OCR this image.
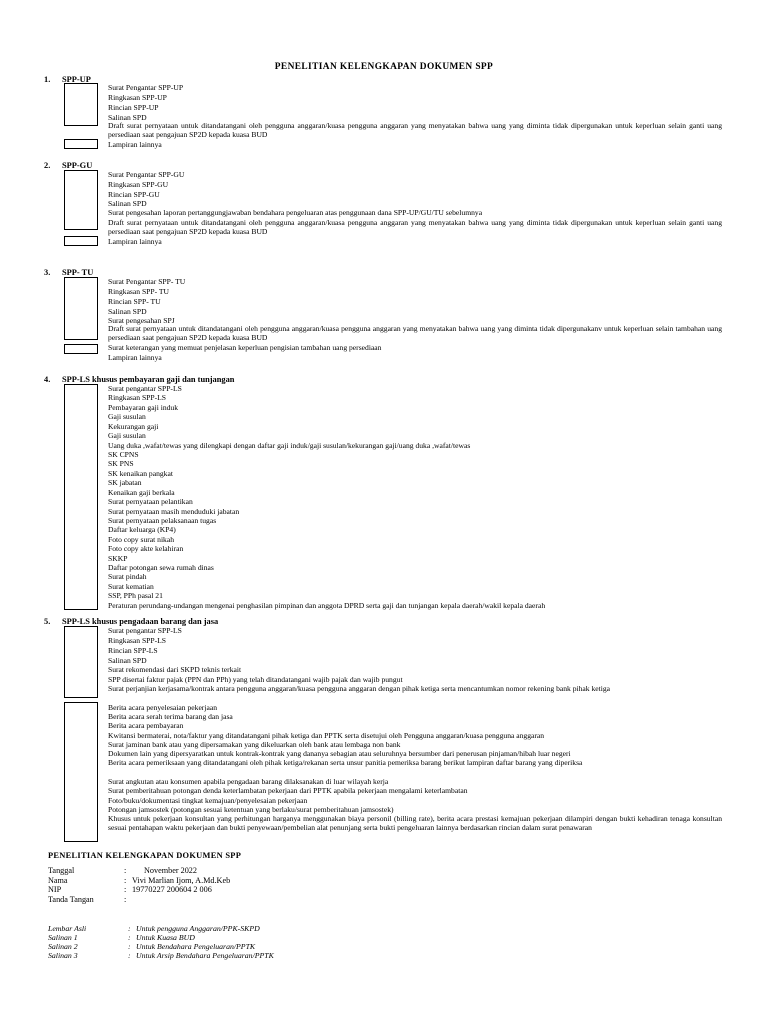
PENELITIAN KELENGKAPAN DOKUMEN SPP
1. SPP-UP
Surat Pengantar SPP-UP
Ringkasan SPP-UP
Rincian SPP-UP
Salinan SPD
Draft surat pernyataan untuk ditandatangani oleh pengguna anggaran/kuasa pengguna anggaran yang menyatakan bahwa uang yang diminta tidak dipergunakan untuk keperluan selain ganti uang persediaan saat pengajuan SP2D kepada kuasa BUD
Lampiran lainnya
2. SPP-GU
Surat Pengantar SPP-GU
Ringkasan SPP-GU
Rincian SPP-GU
Salinan SPD
Surat pengesahan laporan pertanggungjawaban bendahara pengeluaran atas penggunaan dana SPP-UP/GU/TU sebelumnya
Draft surat pernyataan untuk ditandatangani oleh pengguna anggaran/kuasa pengguna anggaran yang menyatakan bahwa uang yang diminta tidak dipergunakan untuk keperluan selain ganti uang persediaan saat pengajuan SP2D kepada kuasa BUD
Lampiran lainnya
3. SPP- TU
Surat Pengantar SPP- TU
Ringkasan SPP- TU
Rincian SPP- TU
Salinan SPD
Surat pengesahan SPJ
Draft surat pernyataan untuk ditandatangani oleh pengguna anggaran/kuasa pengguna anggaran yang menyatakan bahwa uang yang diminta tidak dipergunakanv untuk keperluan selain tambahan uang persediaan saat pengajuan SP2D kepada kuasa BUD
Surat keterangan yang memuat penjelasan keperluan pengisian tambahan uang persediaan
Lampiran lainnya
4. SPP-LS khusus pembayaran gaji dan tunjangan
Surat pengantar SPP-LS
Ringkasan SPP-LS
Pembayaran gaji induk
Gaji susulan
Kekurangan gaji
Gaji susulan
Uang duka ,wafat/tewas yang dilengkapi dengan daftar gaji induk/gaji susulan/kekurangan gaji/uang duka ,wafat/tewas
SK CPNS
SK PNS
SK kenaikan pangkat
SK jabatan
Kenaikan gaji berkala
Surat pernyataan pelantikan
Surat pernyataan masih menduduki jabatan
Surat pernyataan pelaksanaan tugas
Daftar keluarga (KP4)
Foto copy surat nikah
Foto copy akte kelahiran
SKKP
Daftar potongan sewa rumah dinas
Surat pindah
Surat kematian
SSP, PPh pasal 21
Peraturan perundang-undangan mengenai penghasilan pimpinan dan anggota DPRD serta gaji dan tunjangan kepala daerah/wakil kepala daerah
5. SPP-LS khusus pengadaan barang dan jasa
Surat pengantar SPP-LS
Ringkasan SPP-LS
Rincian SPP-LS
Salinan SPD
Surat rekomendasi dari SKPD teknis terkait
SPP disertai faktur pajak (PPN dan PPh) yang telah ditandatangani wajib pajak dan wajib pungut
Surat perjanjian kerjasama/kontrak antara pengguna anggaran/kuasa pengguna anggaran dengan pihak ketiga serta mencantumkan nomor rekening bank pihak ketiga
Berita acara penyelesaian pekerjaan
Berita acara serah terima barang dan jasa
Berita acara pembayaran
Kwitansi bermaterai, nota/faktur yang ditandatangani pihak ketiga dan PPTK serta disetujui oleh Pengguna anggaran/kuasa pengguna anggaran
Surat jaminan bank atau yang dipersamakan yang dikeluarkan oleh bank atau lembaga non bank
Dokumen lain yang dipersyaratkan untuk kontrak-kontrak yang dananya sebagian atau seluruhnya bersumber dari penerusan pinjaman/hibah luar negeri
Berita acara pemeriksaan yang ditandatangani oleh pihak ketiga/rekanan serta unsur panitia pemeriksa barang berikut lampiran daftar barang yang diperiksa
Surat angkutan atau konsumen apabila pengadaan barang dilaksanakan di luar wilayah kerja
Surat pemberitahuan potongan denda keterlambatan pekerjaan dari PPTK apabila pekerjaan mengalami keterlambatan
Foto/buku/dokumentasi tingkat kemajuan/penyelesaian pekerjaan
Potongan jamsostek (potongan sesuai ketentuan yang berlaku/surat pemberitahuan jamsostek)
Khusus untuk pekerjaan konsultan yang perhitungan harganya menggunakan biaya personil (billing rate), berita acara prestasi kemajuan pekerjaan dilampiri dengan bukti kehadiran tenaga konsultan sesuai pentahapan waktu pekerjaan dan bukti penyewaan/pembelian alat penunjang serta bukti pengeluaran lainnya berdasarkan rincian dalam surat penawaran
PENELITIAN KELENGKAPAN DOKUMEN SPP
Tanggal	: November 2022
Nama	: Vivi Marlian Ijom, A.Md.Keb
NIP	: 19770227 200604 2 006
Tanda Tangan	:
Lembar Asli	: Untuk pengguna Anggaran/PPK-SKPD
Salinan 1	: Untuk Kuasa BUD
Salinan 2	: Untuk Bendahara Pengeluaran/PPTK
Salinan 3	: Untuk Arsip Bendahara Pengeluaran/PPTK
